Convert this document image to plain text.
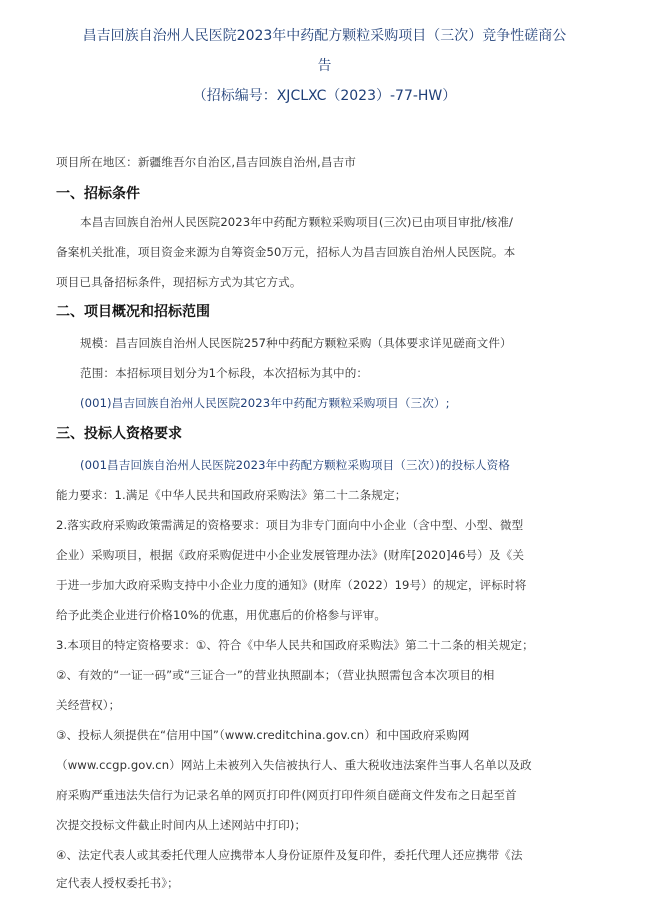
昌吉回族自治州人民医院2023年中药配方颗粒采购项目（三次）竞争性磋商公
告
（招标编号：XJCLXC（2023）-77-HW）
项目所在地区：新疆维吾尔自治区,昌吉回族自治州,昌吉市
一、招标条件
本昌吉回族自治州人民医院2023年中药配方颗粒采购项目(三次)已由项目审批/核准/
备案机关批准，项目资金来源为自筹资金50万元，招标人为昌吉回族自治州人民医院。本
项目已具备招标条件，现招标方式为其它方式。
二、项目概况和招标范围
规模：昌吉回族自治州人民医院257种中药配方颗粒采购（具体要求详见磋商文件）
范围：本招标项目划分为1个标段，本次招标为其中的：
(001)昌吉回族自治州人民医院2023年中药配方颗粒采购项目（三次）;
三、投标人资格要求
(001昌吉回族自治州人民医院2023年中药配方颗粒采购项目（三次）)的投标人资格
能力要求：1.满足《中华人民共和国政府采购法》第二十二条规定；
2.落实政府采购政策需满足的资格要求：项目为非专门面向中小企业（含中型、小型、微型
企业）采购项目，根据《政府采购促进中小企业发展管理办法》(财库[2020]46号）及《关
于进一步加大政府采购支持中小企业力度的通知》(财库（2022）19号）的规定，评标时将
给予此类企业进行价格10%的优惠，用优惠后的价格参与评审。
3.本项目的特定资格要求：①、符合《中华人民共和国政府采购法》第二十二条的相关规定；
②、有效的“一证一码”或“三证合一”的营业执照副本；（营业执照需包含本次项目的相
关经营权）；
③、投标人须提供在“信用中国”（www.creditchina.gov.cn）和中国政府采购网
（www.ccgp.gov.cn）网站上未被列入失信被执行人、重大税收违法案件当事人名单以及政
府采购严重违法失信行为记录名单的网页打印件(网页打印件须自磋商文件发布之日起至首
次提交投标文件截止时间内从上述网站中打印)；
④、法定代表人或其委托代理人应携带本人身份证原件及复印件，委托代理人还应携带《法
定代表人授权委托书》；
